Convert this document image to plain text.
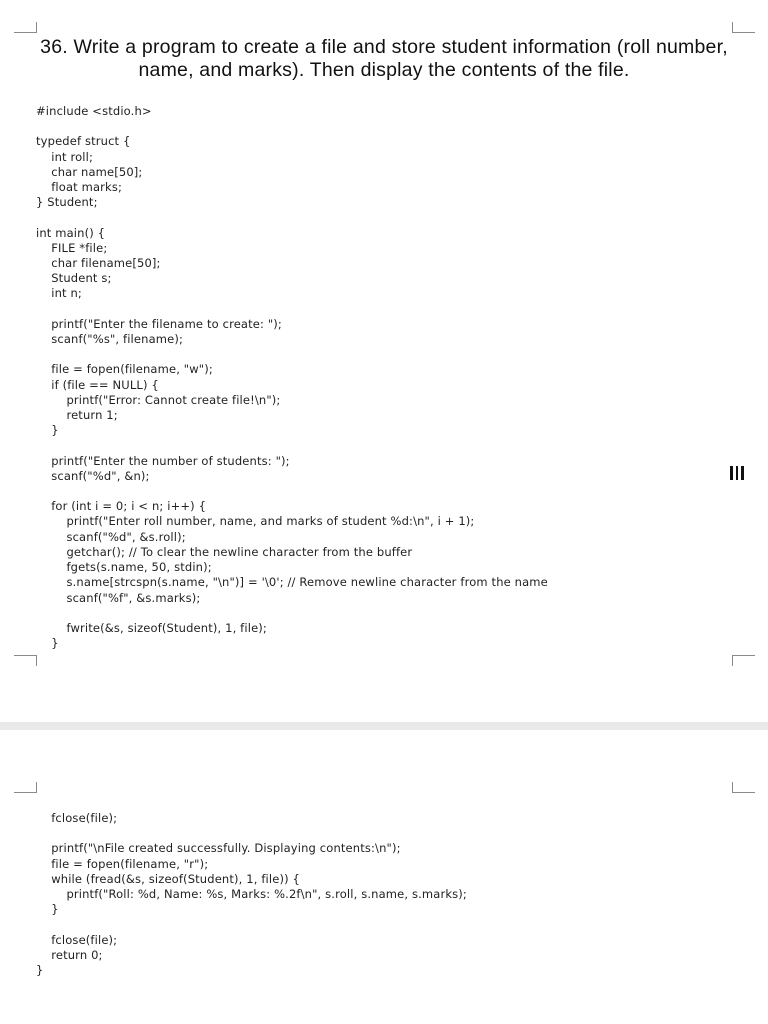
36. Write a program to create a file and store student information (roll number, name, and marks). Then display the contents of the file.
#include <stdio.h>

typedef struct {
int roll;
char name[50];
float marks;
} Student;

int main() {
FILE *file;
char filename[50];
Student s;
int n;

printf("Enter the filename to create: ");
scanf("%s", filename);

file = fopen(filename, "w");
if (file == NULL) {
printf("Error: Cannot create file!\n");
return 1;
}

printf("Enter the number of students: ");
scanf("%d", &n);

for (int i = 0; i < n; i++) {
printf("Enter roll number, name, and marks of student %d:\n", i + 1);
scanf("%d", &s.roll);
getchar(); // To clear the newline character from the buffer
fgets(s.name, 50, stdin);
s.name[strcspn(s.name, "\n")] = '\0'; // Remove newline character from the name
scanf("%f", &s.marks);

fwrite(&s, sizeof(Student), 1, file);
}
fclose(file);

printf("\nFile created successfully. Displaying contents:\n");
file = fopen(filename, "r");
while (fread(&s, sizeof(Student), 1, file)) {
printf("Roll: %d, Name: %s, Marks: %.2f\n", s.roll, s.name, s.marks);
}

fclose(file);
return 0;
}
